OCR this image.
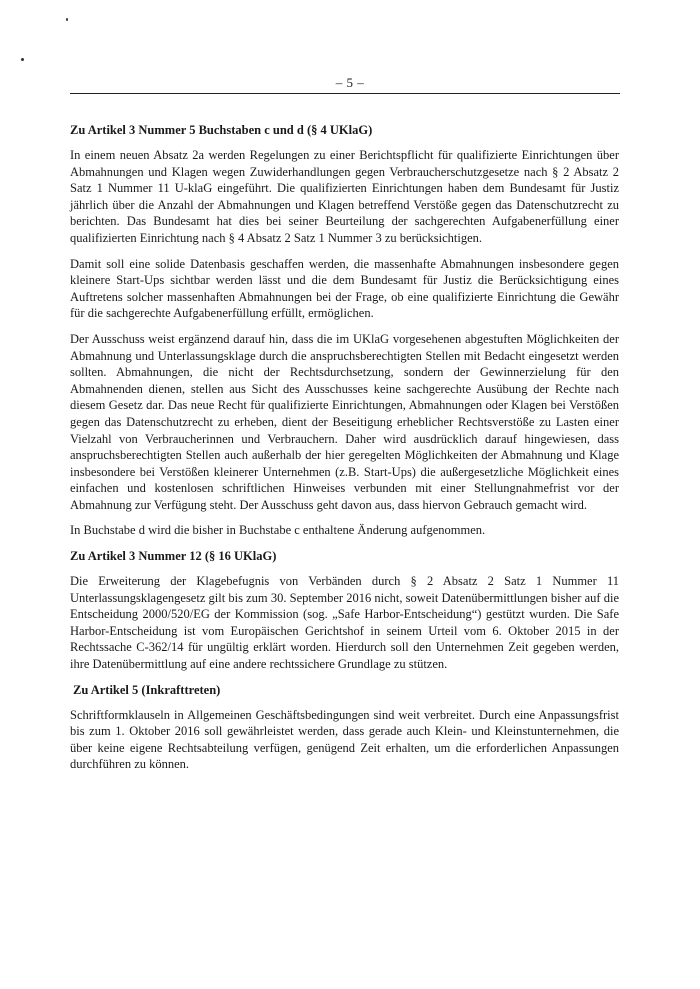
– 5 –
Zu Artikel 3 Nummer 5 Buchstaben c und d (§ 4 UKlaG)

In einem neuen Absatz 2a werden Regelungen zu einer Berichtspflicht für qualifizierte Einrichtungen über Abmahnungen und Klagen wegen Zuwiderhandlungen gegen Verbraucherschutzgesetze nach § 2 Absatz 2 Satz 1 Nummer 11 U-klaG eingeführt. Die qualifizierten Einrichtungen haben dem Bundesamt für Justiz jährlich über die Anzahl der Abmahnungen und Klagen betreffend Verstöße gegen das Datenschutzrecht zu berichten. Das Bundesamt hat dies bei seiner Beurteilung der sachgerechten Aufgabenerfüllung einer qualifizierten Einrichtung nach § 4 Absatz 2 Satz 1 Nummer 3 zu berücksichtigen.

Damit soll eine solide Datenbasis geschaffen werden, die massenhafte Abmahnungen insbesondere gegen kleinere Start-Ups sichtbar werden lässt und die dem Bundesamt für Justiz die Berücksichtigung eines Auftretens solcher massenhaften Abmahnungen bei der Frage, ob eine qualifizierte Einrichtung die Gewähr für die sachgerechte Aufgabenerfüllung erfüllt, ermöglichen.

Der Ausschuss weist ergänzend darauf hin, dass die im UKlaG vorgesehenen abgestuften Möglichkeiten der Abmahnung und Unterlassungsklage durch die anspruchsberechtigten Stellen mit Bedacht eingesetzt werden sollten. Abmahnungen, die nicht der Rechtsdurchsetzung, sondern der Gewinnerzielung für den Abmahnenden dienen, stellen aus Sicht des Ausschusses keine sachgerechte Ausübung der Rechte nach diesem Gesetz dar. Das neue Recht für qualifizierte Einrichtungen, Abmahnungen oder Klagen bei Verstößen gegen das Datenschutzrecht zu erheben, dient der Beseitigung erheblicher Rechtsverstöße zu Lasten einer Vielzahl von Verbraucherinnen und Verbrauchern. Daher wird ausdrücklich darauf hingewiesen, dass anspruchsberechtigten Stellen auch außerhalb der hier geregelten Möglichkeiten der Abmahnung und Klage insbesondere bei Verstößen kleinerer Unternehmen (z.B. Start-Ups) die außergesetzliche Möglichkeit eines einfachen und kostenlosen schriftlichen Hinweises verbunden mit einer Stellungnahmefrist vor der Abmahnung zur Verfügung steht. Der Ausschuss geht davon aus, dass hiervon Gebrauch gemacht wird.

In Buchstabe d wird die bisher in Buchstabe c enthaltene Änderung aufgenommen.

Zu Artikel 3 Nummer 12 (§ 16 UKlaG)

Die Erweiterung der Klagebefugnis von Verbänden durch § 2 Absatz 2 Satz 1 Nummer 11 Unterlassungsklagengesetz gilt bis zum 30. September 2016 nicht, soweit Datenübermittlungen bisher auf die Entscheidung 2000/520/EG der Kommission (sog. „Safe Harbor-Entscheidung“) gestützt wurden. Die Safe Harbor-Entscheidung ist vom Europäischen Gerichtshof in seinem Urteil vom 6. Oktober 2015 in der Rechtssache C-362/14 für ungültig erklärt worden. Hierdurch soll den Unternehmen Zeit gegeben werden, ihre Datenübermittlung auf eine andere rechtssichere Grundlage zu stützen.

Zu Artikel 5 (Inkrafttreten)

Schriftformklauseln in Allgemeinen Geschäftsbedingungen sind weit verbreitet. Durch eine Anpassungsfrist bis zum 1. Oktober 2016 soll gewährleistet werden, dass gerade auch Klein- und Kleinstunternehmen, die über keine eigene Rechtsabteilung verfügen, genügend Zeit erhalten, um die erforderlichen Anpassungen durchführen zu können.
